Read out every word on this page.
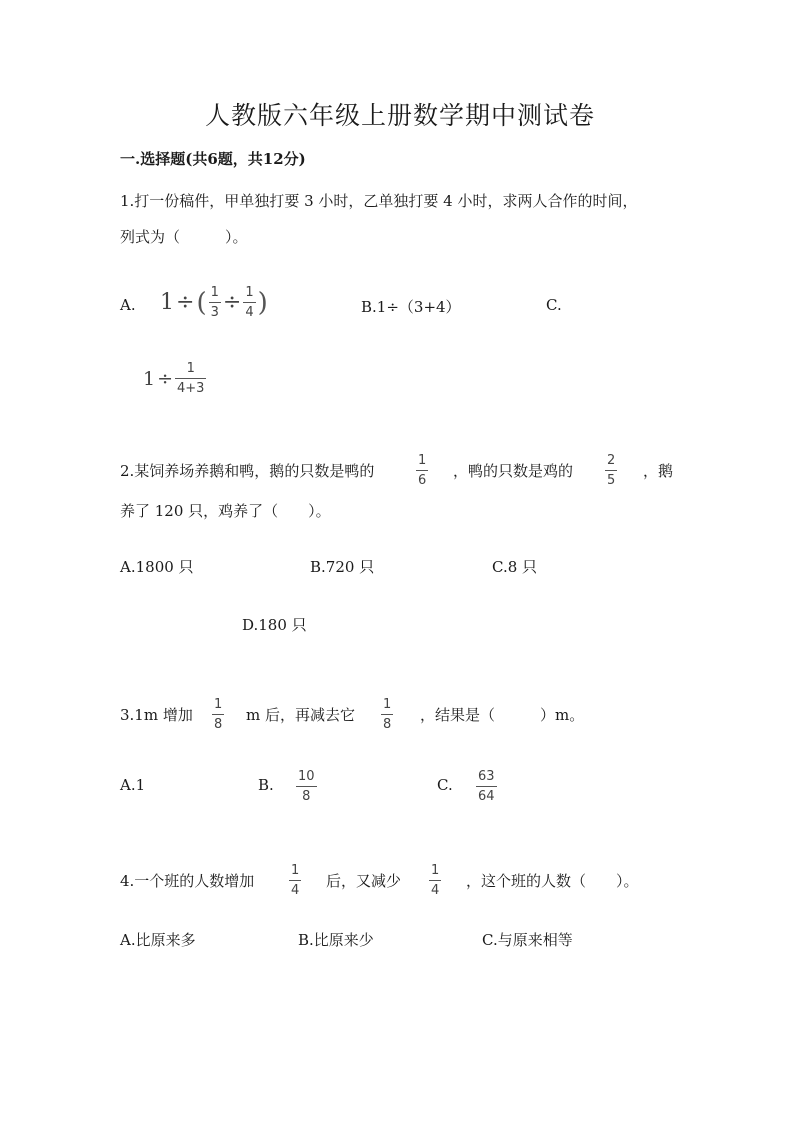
人教版六年级上册数学期中测试卷
一.选择题(共6题，共12分)
1.打一份稿件，甲单独打要 3 小时，乙单独打要 4 小时，求两人合作的时间，
列式为（　　　）。
A. 1 ÷ ( $\frac{1}{3} \div \frac{1}{4}$ )	B.1÷（3+4）	C.
$1 \div \frac{1}{4+3}$
2.某饲养场养鹅和鸭，鹅的只数是鸭的	$\frac{1}{6}$ ，鸭的只数是鸡的 $\frac{2}{5}$ ，鹅
养了 120 只，鸡养了（　　）。
A.1800 只	B.720 只	C.8 只
D.180 只
3.1m 增加 $\frac{1}{8}$ m 后，再减去它 $\frac{1}{8}$ ，结果是（　　　）m。
A.1	B. $\frac{10}{8}$	C. $\frac{63}{64}$
4.一个班的人数增加	$\frac{1}{4}$ 后，又减少 $\frac{1}{4}$ ，这个班的人数（　　）。
A.比原来多	B.比原来少	C.与原来相等
